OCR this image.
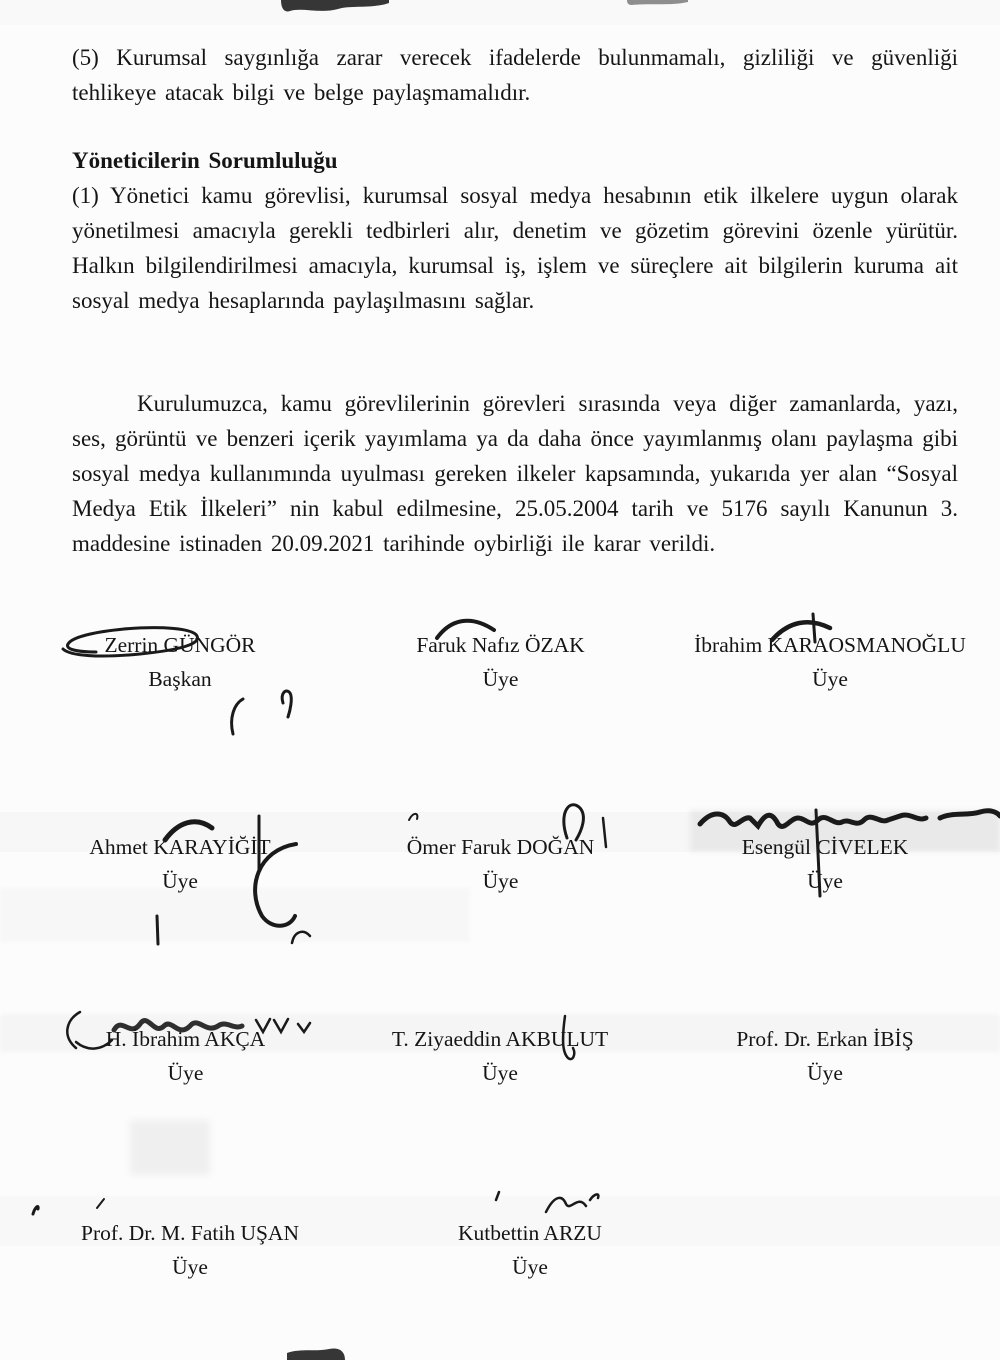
(5) Kurumsal saygınlığa zarar verecek ifadelerde bulunmamalı, gizliliği ve güvenliği tehlikeye atacak bilgi ve belge paylaşmamalıdır.

Yöneticilerin Sorumluluğu

(1) Yönetici kamu görevlisi, kurumsal sosyal medya hesabının etik ilkelere uygun olarak yönetilmesi amacıyla gerekli tedbirleri alır, denetim ve gözetim görevini özenle yürütür. Halkın bilgilendirilmesi amacıyla, kurumsal iş, işlem ve süreçlere ait bilgilerin kuruma ait sosyal medya hesaplarında paylaşılmasını sağlar.

Kurulumuzca, kamu görevlilerinin görevleri sırasında veya diğer zamanlarda, yazı, ses, görüntü ve benzeri içerik yayımlama ya da daha önce yayımlanmış olanı paylaşma gibi sosyal medya kullanımında uyulması gereken ilkeler kapsamında, yukarıda yer alan “Sosyal Medya Etik İlkeleri” nin kabul edilmesine, 25.05.2004 tarih ve 5176 sayılı Kanunun 3. maddesine istinaden 20.09.2021 tarihinde oybirliği ile karar verildi.

Zerrin GÜNGÖR
Başkan
Faruk Nafız ÖZAK
Üye
İbrahim KARAOSMANOĞLU
Üye
Ahmet KARAYİĞİT
Üye
Ömer Faruk DOĞAN
Üye
Esengül CİVELEK
Üye
H. İbrahim AKÇA
Üye
T. Ziyaeddin AKBULUT
Üye
Prof. Dr. Erkan İBİŞ
Üye
Prof. Dr. M. Fatih UŞAN
Üye
Kutbettin ARZU
Üye
